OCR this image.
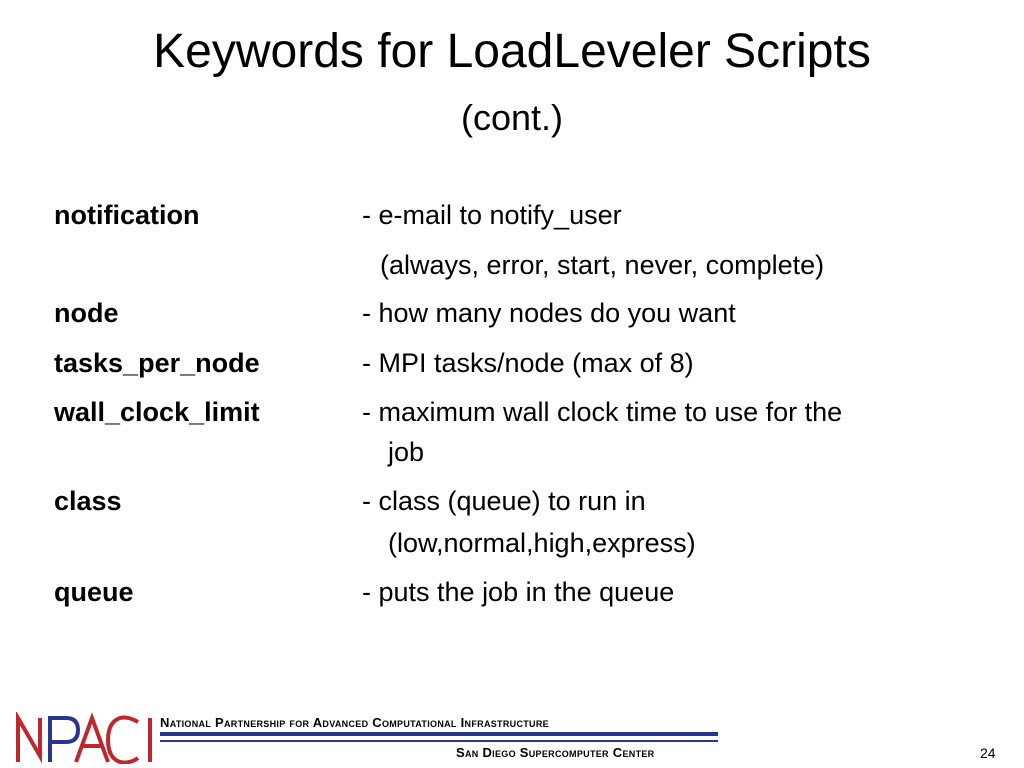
Keywords for LoadLeveler Scripts
(cont.)
notification	- e-mail to notify_user
(always, error, start, never, complete)
node	- how many nodes do you want
tasks_per_node	- MPI tasks/node (max of 8)
wall_clock_limit	- maximum wall clock time to use for the
job
class	- class (queue) to run in
(low,normal,high,express)
queue	- puts the job in the queue
National Partnership for Advanced Computational Infrastructure
San Diego Supercomputer Center	24
